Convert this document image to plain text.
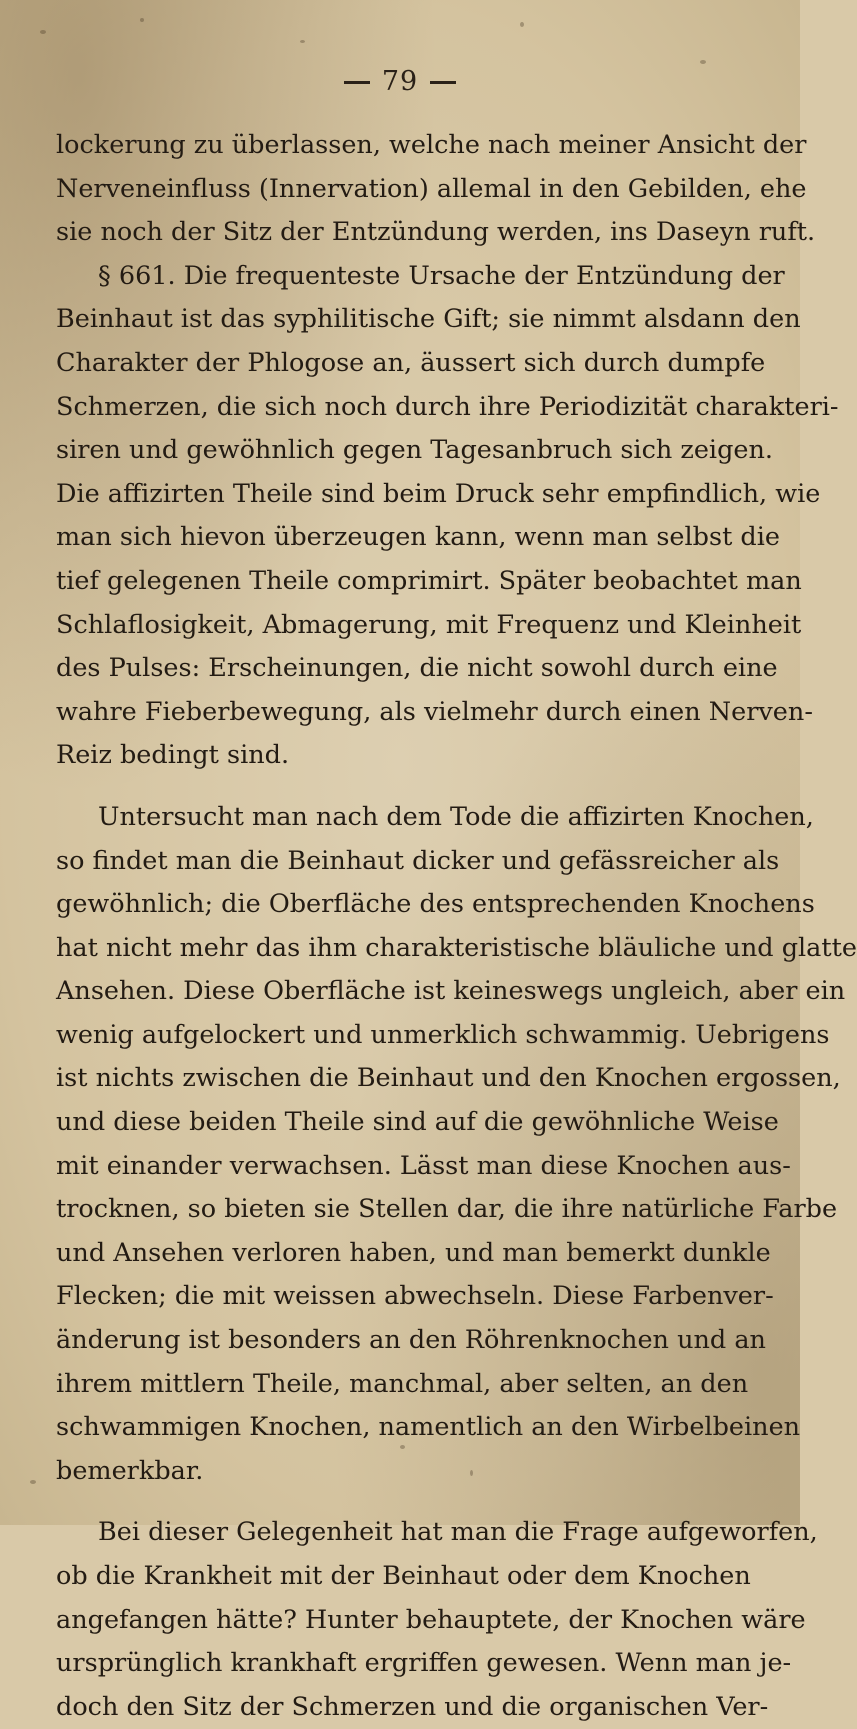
79
lockerung zu überlassen, welche nach meiner Ansicht der
Nerveneinfluss (Innervation) allemal in den Gebilden, ehe
sie noch der Sitz der Entzündung werden, ins Daseyn ruft.
§ 661. Die frequenteste Ursache der Entzündung der
Beinhaut ist das syphilitische Gift; sie nimmt alsdann den
Charakter der Phlogose an, äussert sich durch dumpfe
Schmerzen, die sich noch durch ihre Periodizität charakteri-
siren und gewöhnlich gegen Tagesanbruch sich zeigen.
Die affizirten Theile sind beim Druck sehr empfindlich, wie
man sich hievon überzeugen kann, wenn man selbst die
tief gelegenen Theile comprimirt. Später beobachtet man
Schlaflosigkeit, Abmagerung, mit Frequenz und Kleinheit
des Pulses: Erscheinungen, die nicht sowohl durch eine
wahre Fieberbewegung, als vielmehr durch einen Nerven-
Reiz bedingt sind.
Untersucht man nach dem Tode die affizirten Knochen,
so findet man die Beinhaut dicker und gefässreicher als
gewöhnlich; die Oberfläche des entsprechenden Knochens
hat nicht mehr das ihm charakteristische bläuliche und glatte
Ansehen. Diese Oberfläche ist keineswegs ungleich, aber ein
wenig aufgelockert und unmerklich schwammig. Uebrigens
ist nichts zwischen die Beinhaut und den Knochen ergossen,
und diese beiden Theile sind auf die gewöhnliche Weise
mit einander verwachsen. Lässt man diese Knochen aus-
trocknen, so bieten sie Stellen dar, die ihre natürliche Farbe
und Ansehen verloren haben, und man bemerkt dunkle
Flecken; die mit weissen abwechseln. Diese Farbenver-
änderung ist besonders an den Röhrenknochen und an
ihrem mittlern Theile, manchmal, aber selten, an den
schwammigen Knochen, namentlich an den Wirbelbeinen
bemerkbar.
Bei dieser Gelegenheit hat man die Frage aufgeworfen,
ob die Krankheit mit der Beinhaut oder dem Knochen
angefangen hätte? Hunter behauptete, der Knochen wäre
ursprünglich krankhaft ergriffen gewesen. Wenn man je-
doch den Sitz der Schmerzen und die organischen Ver-
